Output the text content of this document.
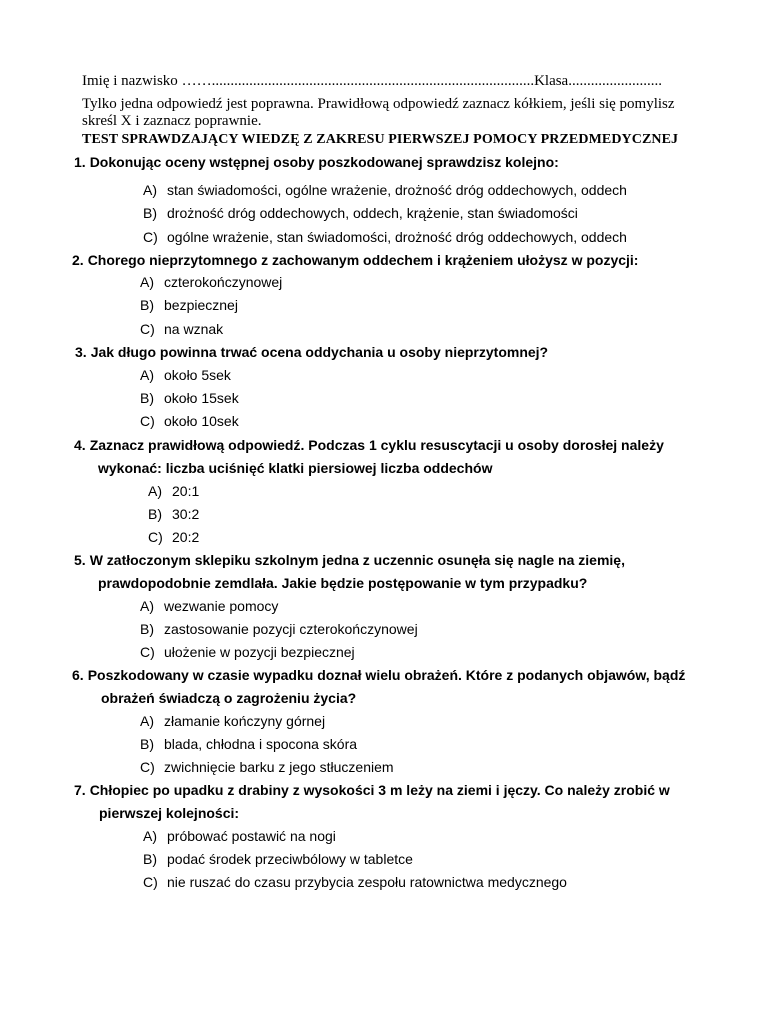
Imię i nazwisko ……......................................................................................Klasa.........................
Tylko jedna odpowiedź jest poprawna. Prawidłową odpowiedź zaznacz kółkiem, jeśli się pomylisz
skreśl X i zaznacz poprawnie.
TEST SPRAWDZAJĄCY WIEDZĘ Z ZAKRESU PIERWSZEJ POMOCY PRZEDMEDYCZNEJ
1. Dokonując oceny wstępnej osoby poszkodowanej sprawdzisz kolejno:
A) stan świadomości, ogólne wrażenie, drożność dróg oddechowych, oddech
B) drożność dróg oddechowych, oddech, krążenie, stan świadomości
C) ogólne wrażenie, stan świadomości, drożność dróg oddechowych, oddech
2. Chorego nieprzytomnego z zachowanym oddechem i krążeniem ułożysz w pozycji:
A) czterokończynowej
B) bezpiecznej
C) na wznak
3. Jak długo powinna trwać ocena oddychania u osoby nieprzytomnej?
A) około 5sek
B) około 15sek
C) około 10sek
4. Zaznacz prawidłową odpowiedź. Podczas 1 cyklu resuscytacji u osoby dorosłej należy
wykonać: liczba uciśnięć klatki piersiowej liczba oddechów
A) 20:1
B) 30:2
C) 20:2
5. W zatłoczonym sklepiku szkolnym jedna z uczennic osunęła się nagle na ziemię,
prawdopodobnie zemdlała. Jakie będzie postępowanie w tym przypadku?
A) wezwanie pomocy
B) zastosowanie pozycji czterokończynowej
C) ułożenie w pozycji bezpiecznej
6. Poszkodowany w czasie wypadku doznał wielu obrażeń. Które z podanych objawów, bądź
obrażeń świadczą o zagrożeniu życia?
A) złamanie kończyny górnej
B) blada, chłodna i spocona skóra
C) zwichnięcie barku z jego stłuczeniem
7. Chłopiec po upadku z drabiny z wysokości 3 m leży na ziemi i jęczy. Co należy zrobić w
pierwszej kolejności:
A) próbować postawić na nogi
B) podać środek przeciwbólowy w tabletce
C) nie ruszać do czasu przybycia zespołu ratownictwa medycznego
